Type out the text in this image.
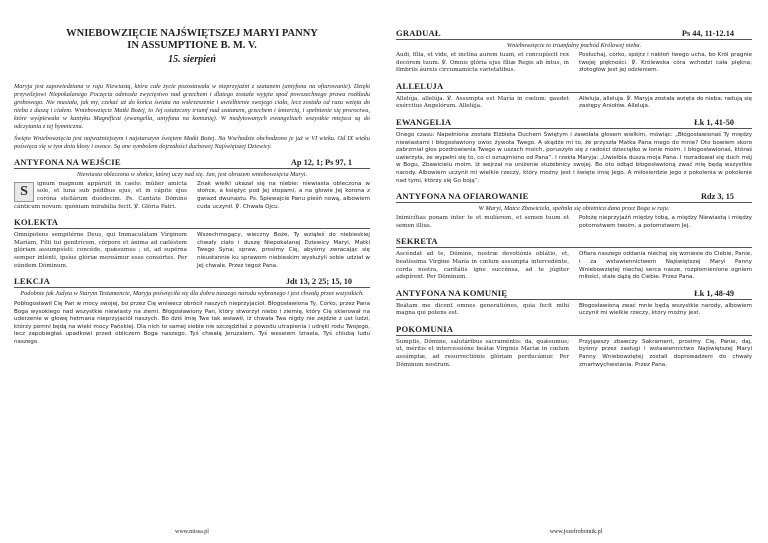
WNIEBOWZIĘCIE NAJŚWIĘTSZEJ MARYI PANNY

IN ASSUMPTIONE B. M. V.

15. sierpień

Maryja jest zapowiedziana w raju Niewiastą, która całe życie pozostawała w nieprzyjaźni z szatanem (antyfona na ofiarowanie). Dzięki przywilejowi Niepokalanego Poczęcia odniosła zwycięstwo nad grzechem i dlatego została wyjęta spod powszechnego prawa rozkładu grobowego. Nie musiała, jak my, czekać aż do końca świata na wskrzeszenie i uwielbienie swojego ciała, lecz została od razu wzięta do nieba z duszą i ciałem. Wniebowzięcie Matki Bożej, to Jej ostateczny triumf nad szatanem, grzechem i śmiercią, i spełnienie się proroctwa, które wyśpiewała w kantyku Magnificat (ewangelia, antyfona na komunię). W medytowanych ewangeliach wszystkie miejsca są do odczytania z tej hymniczna.

Święto Wniebowzięcia jest najważniejszym i najstarszym świętem Matki Bożej. Na Wschodzie obchodzono je już w VI wieku. Od IX wieku poświęca się w tym dniu kłosy i owoce. Są one symbolem dojrzałości duchowej Najświętszej Dziewicy.

ANTYFONA NA WEJŚCIE	Ap 12, 1; Ps 97, 1
Niewiasta obleczona w słońce, której uczy nad się. Jan, jest obrazem wniebowzięcia Maryi.
S
ignum magnum appáruit in caelo: múlier amícta sole, et luna sub pédibus ejus, et in cápite ejus coróna stellárum duódecim. Ps. Cantáte Dómino cánticum novum: quóniam mirabília fecit. ℣. Glória Patri.
Znak wielki ukazał się na niebie: niewiasta obleczona w słońce, a księżyc pod Jej stopami, a na głowie Jej korona z gwiazd dwunastu. Ps. Śpiewajcie Panu pieśń nową, albowiem cuda uczynił. ℣. Chwała Ojcu.
KOLEKTA
Omnípotens sempitérne Deus, qui Immaculátam Vírginem Maríam, Fílii tui genitrícem, córpore et ánima ad cæléstem glóriam assumpsísti: concéde, quǽsumus ; ut, ad supérna semper inténti, ipsíus glóriæ mereámur esse consórtes. Per eúndem Dóminum.
Wszechmogący, wieczny Boże, Ty wziąłeś do niebieskiej chwały ciało i duszę Niepokalanej Dziewicy Maryi, Matki Twego Syna; spraw, prosimy Cię, abyśmy zwracając się nieustannie ku sprawom niebieskim wysłużyli sobie udział w Jej chwale. Przez tegoż Pana.
LEKCJA	Jdt 13, 2 25; 15, 10
Podobnie jak Judyta w Starym Testamencie, Maryja poświęciła się dla dobra naszego narodu wybranego i jest chwałą przez wszystkich.
Pobłogosławił Cię Pan w mocy swojej, bo przez Cię wniwecz obrócił naszych nieprzyjaciół. Błogosławiona Ty, Córko, przez Pana Boga wysokiego nad wszystkie niewiasty na ziemi. Błogosławiony Pan, który stworzył niebo i ziemię, który Cię skierował na uderzenie w głowę hetmana nieprzyjaciół naszych. Bo dziś imię Twe tak wsławił, iż chwała Twa nigdy nie zejdzie z ust ludzi, którzy pomni będą na wieki mocy Pańskiej. Dla nich to samej siebie nie szczędziłaś z powodu utrapienia i udręki rodu Twojego, lecz zapobiegłaś upadkowi przed obliczem Boga naszego. Tyś chwałą Jeruzalem, Tyś weselem Izraela, Tyś chlubą ludu naszego.
www.missa.pl
GRADUAŁ	Ps 44, 11-12.14
Wniebowzięcie to triumfalny pochód Królowej nieba.
Audi, fília, et vide, et inclína aurem tuam, et concupíscit rex decórem tuum. ℣. Omnis glória ejus fíliæ Regis ab íntus, in fímbriis áureis circumamícta varietátibus.
Posłuchaj, córko, spójrz i nakłoń twego ucha, bo Król pragnie twojej piękności. ℣. Królewska córa wchodzi cała piękna; złotogłów jest jej odzieniem.
ALLELUJA
Allelúja, allelúja. ℣. Assumpta est María in cœlum: gaudet exércitus Angelórum. Allelúja.
Alleluja, alleluja. ℣. Maryja została wzięta do nieba: radują się zastępy Aniołów. Alleluja.
EWANGELIA	Łk 1, 41-50
Onego czasu: Napełniona została Elżbieta Duchem Świętym i zawołała głosem wielkim, mówiąc: „Błogosławionaś Ty między niewiastami i błogosławiony owoc żywota Twego. A skądże mi to, że przyszła Matka Pana mego do mnie? Oto bowiem skoro zabrzmiał głos pozdrowienia Twego w uszach moich, poruszyło się z radości dzieciątko w łonie moim. I błogosławionaś, któraś uwierzyła, że wypełni się to, co ci oznajmiono od Pana”. I rzekła Maryja: „Uwielbia dusza moja Pana. I rozradował się duch mój w Bogu, Zbawicielu moim. Iż wejrzał na uniżenie służebnicy swojej. Bo oto odtąd błogosławioną zwać mię będą wszystkie narody. Albowiem uczynił mi wielkie rzeczy, który możny jest i święte imię Jego. A miłosierdzie jego z pokolenia w pokolenie nad tymi, którzy się Go boją”.
ANTYFONA NA OFIAROWANIE	Rdz 3, 15
W Maryi, Matce Zbawiciela, spełniła się obietnica dana przez Boga w raju.
Inimicítias ponam inter te et mulíerem, et semen tuum et semen illíus.
Położę nieprzyjaźń między tobą, a między Niewiastą i między potomstwem twoim, a potomstwem Jej.
SEKRETA
Ascéndat ad te, Dómine, nostræ devotiónis oblátio, et, beatíssima Vírgine María in cœlum assumpta intercedénte, corda nostra, caritátis igne succénsa, ad te júgiter adspírent. Per Dóminum.
Ofiara naszego oddania niechaj się wzniesie do Ciebie, Panie, i za wstawiennictwem Najświętszej Maryi Panny Wniebowziętej niechaj serca nasze, rozpłomienione ogniem miłości, stale dążą do Ciebie. Przez Pana.
ANTYFONA NA KOMUNIĘ	Łk 1, 48-49
Beátam me dicent omnes generatiónes, quia fecit mihi magna qui potens est.
Błogosławioną zwać mnie będą wszystkie narody, albowiem uczynił mi wielkie rzeczy, który możny jest.
POKOMUNIA
Sumptis, Dómine, salutáribus sacraméntis: da, quǽsumus; ut, méritis et intercessióne beátæ Vírginis Maríæ in cœlum assúmptæ, ad resurrectiónis glóriam perducámur. Per Dóminum nostrum.
Przyjąwszy zbawczy Sakrament, prosimy Cię, Panie, daj, byśmy przez zasługi i wstawiennictwo Najświętszej Maryi Panny Wniebowziętej zostali doprowadzeni do chwały zmartwychwstania. Przez Pana.
www.jozefrobotnik.pl
